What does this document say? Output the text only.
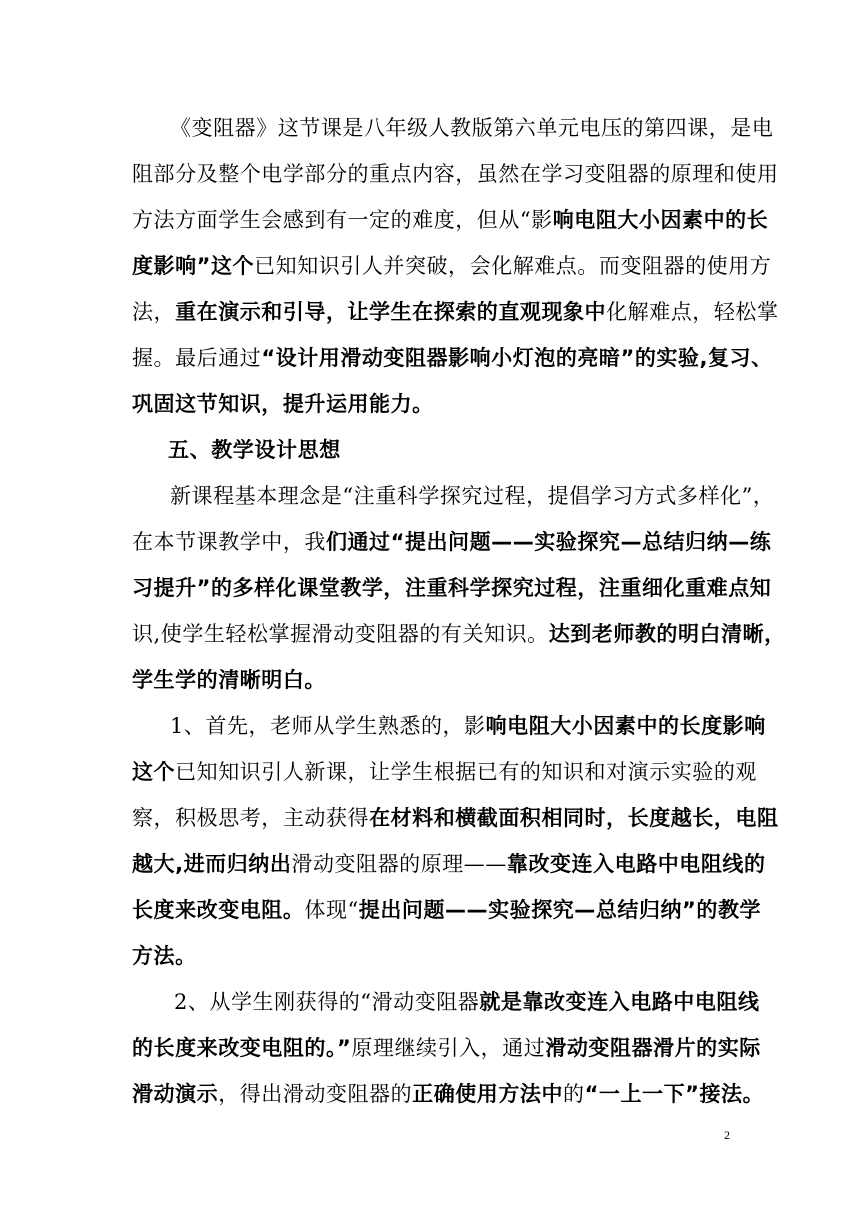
《变阻器》这节课是八年级人教版第六单元电压的第四课，是电
阻部分及整个电学部分的重点内容，虽然在学习变阻器的原理和使用
方法方面学生会感到有一定的难度，但从“影响电阻大小因素中的长
度影响”这个已知知识引人并突破，会化解难点。而变阻器的使用方
法，重在演示和引导，让学生在探索的直观现象中化解难点，轻松掌
握。最后通过“设计用滑动变阻器影响小灯泡的亮暗”的实验,复习、
巩固这节知识，提升运用能力。
五、教学设计思想
新课程基本理念是“注重科学探究过程，提倡学习方式多样化”，
在本节课教学中，我们通过“提出问题——实验探究—总结归纳—练
习提升”的多样化课堂教学，注重科学探究过程，注重细化重难点知
识,使学生轻松掌握滑动变阻器的有关知识。达到老师教的明白清晰，
学生学的清晰明白。
1、首先，老师从学生熟悉的，影响电阻大小因素中的长度影响
这个已知知识引人新课，让学生根据已有的知识和对演示实验的观
察，积极思考，主动获得在材料和横截面积相同时，长度越长，电阻
越大,进而归纳出滑动变阻器的原理——靠改变连入电路中电阻线的
长度来改变电阻。体现“提出问题——实验探究—总结归纳”的教学
方法。
2、从学生刚获得的“滑动变阻器就是靠改变连入电路中电阻线
的长度来改变电阻的。”原理继续引入，通过滑动变阻器滑片的实际
滑动演示，得出滑动变阻器的正确使用方法中的“一上一下”接法。
2
